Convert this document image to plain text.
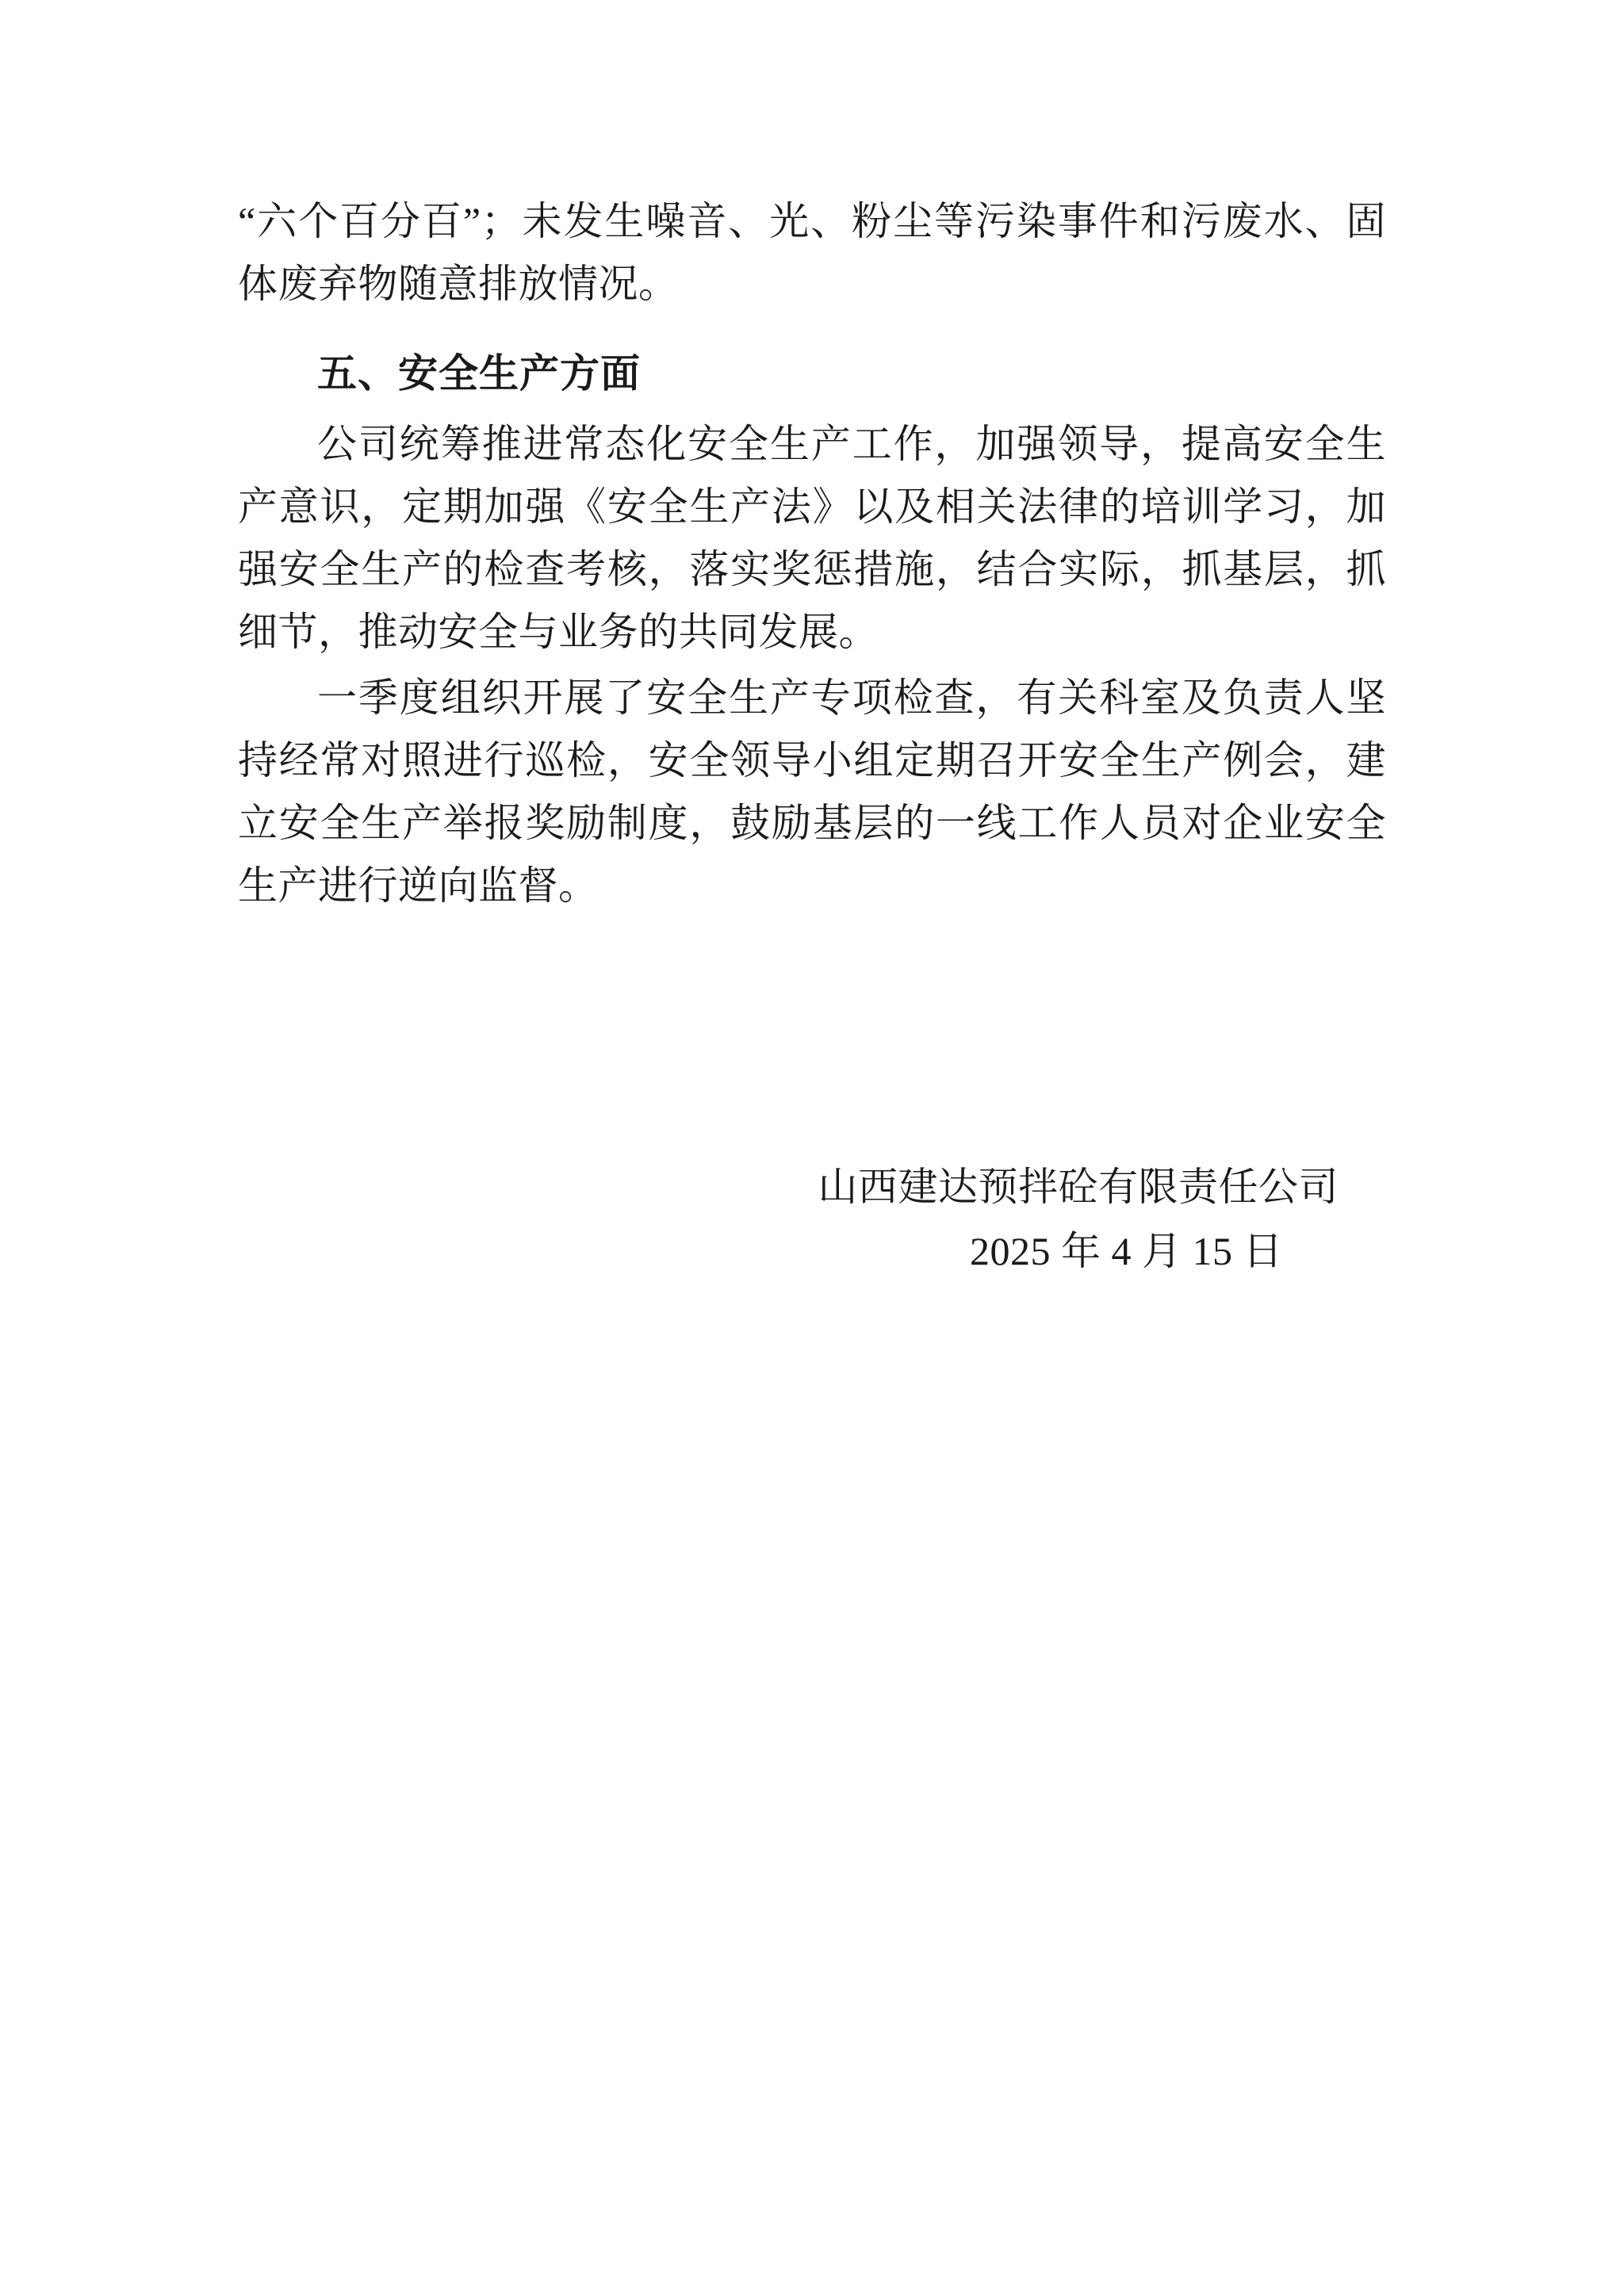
“六个百分百”；未发生噪音、光、粉尘等污染事件和污废水、固体废弃物随意排放情况。

五、安全生产方面

公司统筹推进常态化安全生产工作，加强领导，提高安全生产意识，定期加强《安全生产法》以及相关法律的培训学习，加强安全生产的检查考核，落实奖惩措施，结合实际，抓基层，抓细节，推动安全与业务的共同发展。

一季度组织开展了安全生产专项检查，有关科室及负责人坚持经常对照进行巡检，安全领导小组定期召开安全生产例会，建立安全生产举报奖励制度，鼓励基层的一线工作人员对企业安全生产进行逆向监督。

山西建达预拌砼有限责任公司
2025 年 4 月 15 日
